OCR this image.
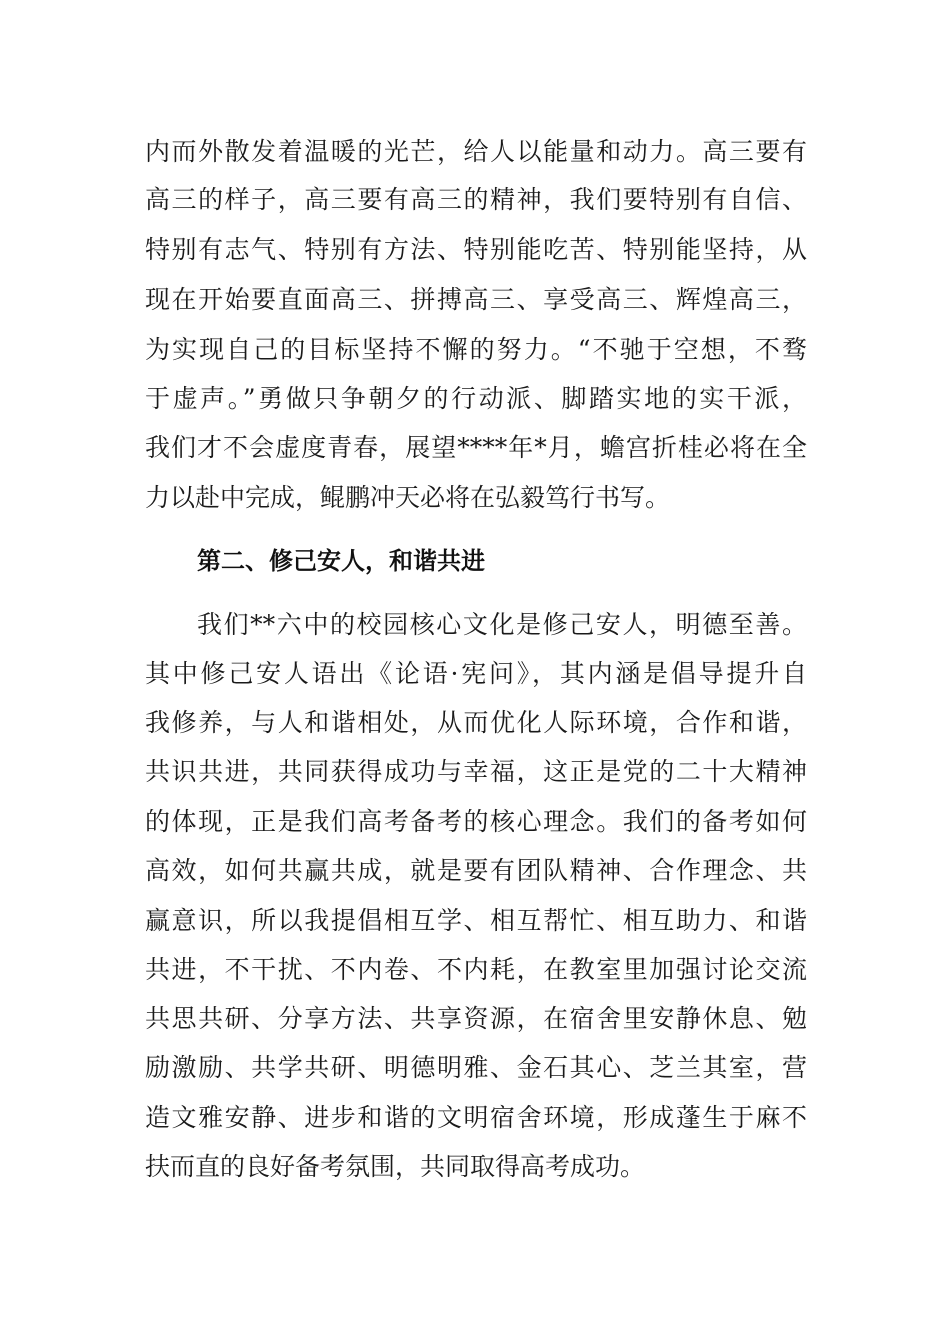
内而外散发着温暖的光芒，给人以能量和动力。高三要有
高三的样子，高三要有高三的精神，我们要特别有自信、
特别有志气、特别有方法、特别能吃苦、特别能坚持，从
现在开始要直面高三、拼搏高三、享受高三、辉煌高三，
为实现自己的目标坚持不懈的努力。“不驰于空想，不骛
于虚声。”勇做只争朝夕的行动派、脚踏实地的实干派，
我们才不会虚度青春，展望****年*月，蟾宫折桂必将在全
力以赴中完成，鲲鹏冲天必将在弘毅笃行书写。
第二、修己安人，和谐共进
我们**六中的校园核心文化是修己安人，明德至善。
其中修己安人语出《论语·宪问》，其内涵是倡导提升自
我修养，与人和谐相处，从而优化人际环境，合作和谐，
共识共进，共同获得成功与幸福，这正是党的二十大精神
的体现，正是我们高考备考的核心理念。我们的备考如何
高效，如何共赢共成，就是要有团队精神、合作理念、共
赢意识，所以我提倡相互学、相互帮忙、相互助力、和谐
共进，不干扰、不内卷、不内耗，在教室里加强讨论交流
共思共研、分享方法、共享资源，在宿舍里安静休息、勉
励激励、共学共研、明德明雅、金石其心、芝兰其室，营
造文雅安静、进步和谐的文明宿舍环境，形成蓬生于麻不
扶而直的良好备考氛围，共同取得高考成功。
